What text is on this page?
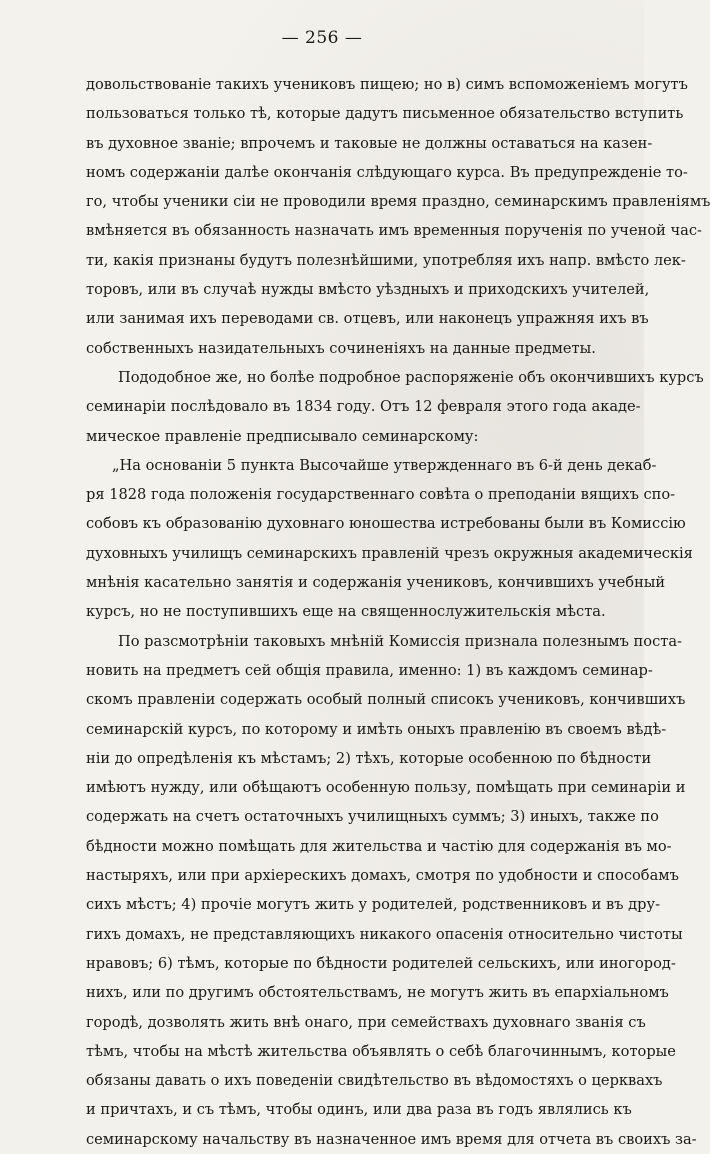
— 256 —
довольствованіе такихъ учениковъ пищею; но в) симъ вспоможеніемъ могутъ
пользоваться только тѣ, которые дадутъ письменное обязательство вступить
въ духовное званіе; впрочемъ и таковые не должны оставаться на казен-
номъ содержаніи далѣе окончанія слѣдующаго курса. Въ предупрежденіе то-
го, чтобы ученики сіи не проводили время праздно, семинарскимъ правленіямъ
вмѣняется въ обязанность назначать имъ временныя порученія по ученой час-
ти, какія признаны будутъ полезнѣйшими, употребляя ихъ напр. вмѣсто лек-
торовъ, или въ случаѣ нужды вмѣсто уѣздныхъ и приходскихъ учителей,
или занимая ихъ переводами св. отцевъ, или наконецъ упражняя ихъ въ
собственныхъ назидательныхъ сочиненіяхъ на данные предметы.
Пододобное же, но болѣе подробное распоряженіе объ окончившихъ курсъ
семинаріи послѣдовало въ 1834 году. Отъ 12 февраля этого года акаде-
мическое правленіе предписывало семинарскому:
„На основаніи 5 пункта Высочайше утвержденнаго въ 6-й день декаб-
ря 1828 года положенія государственнаго совѣта о преподаніи вящихъ спо-
собовъ къ образованію духовнаго юношества истребованы были въ Комиссію
духовныхъ училищъ семинарскихъ правленій чрезъ окружныя академическія
мнѣнія касательно занятія и содержанія учениковъ, кончившихъ учебный
курсъ, но не поступившихъ еще на священнослужительскія мѣста.
По разсмотрѣніи таковыхъ мнѣній Комиссія признала полезнымъ поста-
новить на предметъ сей общія правила, именно: 1) въ каждомъ семинар-
скомъ правленіи содержать особый полный списокъ учениковъ, кончившихъ
семинарскій курсъ, по которому и имѣть оныхъ правленію въ своемъ вѣдѣ-
ніи до опредѣленія къ мѣстамъ; 2) тѣхъ, которые особенною по бѣдности
имѣютъ нужду, или обѣщаютъ особенную пользу, помѣщать при семинаріи и
содержать на счетъ остаточныхъ училищныхъ суммъ; 3) иныхъ, также по
бѣдности можно помѣщать для жительства и частію для содержанія въ мо-
настыряхъ, или при архіерескихъ домахъ, смотря по удобности и способамъ
сихъ мѣстъ; 4) прочіе могутъ жить у родителей, родственниковъ и въ дру-
гихъ домахъ, не представляющихъ никакого опасенія относительно чистоты
нравовъ; 6) тѣмъ, которые по бѣдности родителей сельскихъ, или иногород-
нихъ, или по другимъ обстоятельствамъ, не могутъ жить въ епархіальномъ
городѣ, дозволять жить внѣ онаго, при семействахъ духовнаго званія съ
тѣмъ, чтобы на мѣстѣ жительства объявлять о себѣ благочиннымъ, которые
обязаны давать о ихъ поведеніи свидѣтельство въ вѣдомостяхъ о церквахъ
и причтахъ, и съ тѣмъ, чтобы одинъ, или два раза въ годъ являлись къ
семинарскому начальству въ назначенное имъ время для отчета въ своихъ за-
